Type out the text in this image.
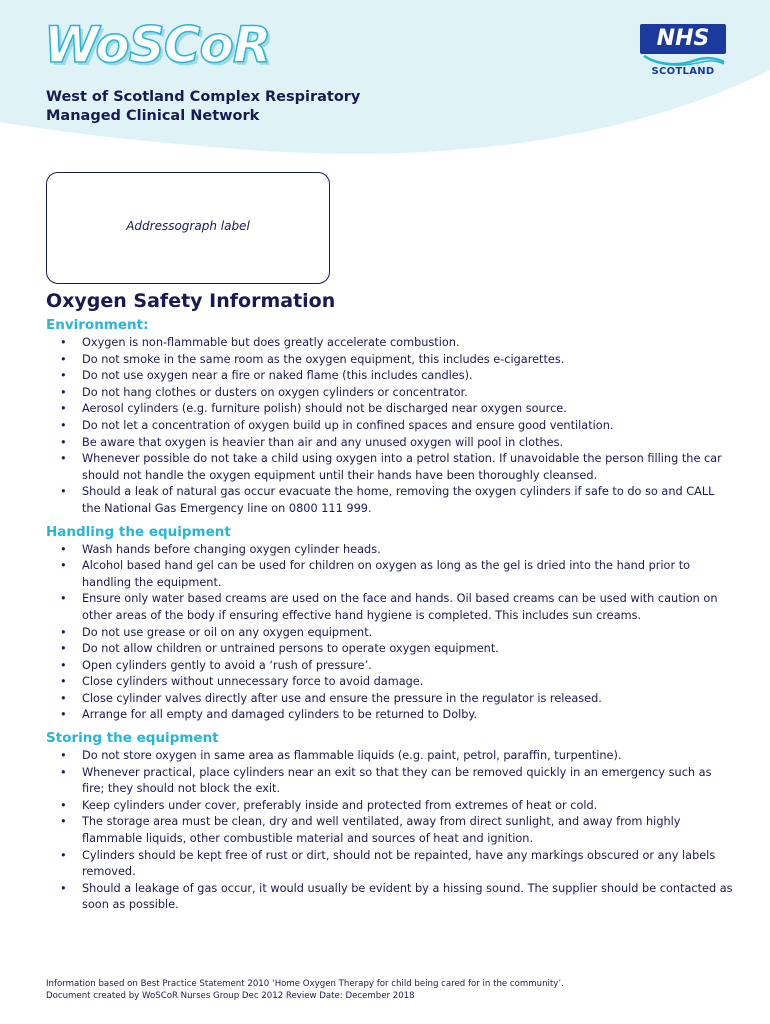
WoSCoR
West of Scotland Complex Respiratory
Managed Clinical Network
NHS
SCOTLAND
Addressograph label
Oxygen Safety Information
Environment:
• Oxygen is non-flammable but does greatly accelerate combustion.
• Do not smoke in the same room as the oxygen equipment, this includes e-cigarettes.
• Do not use oxygen near a fire or naked flame (this includes candles).
• Do not hang clothes or dusters on oxygen cylinders or concentrator.
• Aerosol cylinders (e.g. furniture polish) should not be discharged near oxygen source.
• Do not let a concentration of oxygen build up in confined spaces and ensure good ventilation.
• Be aware that oxygen is heavier than air and any unused oxygen will pool in clothes.
• Whenever possible do not take a child using oxygen into a petrol station. If unavoidable the person filling the car should not handle the oxygen equipment until their hands have been thoroughly cleansed.
• Should a leak of natural gas occur evacuate the home, removing the oxygen cylinders if safe to do so and CALL the National Gas Emergency line on 0800 111 999.
Handling the equipment
• Wash hands before changing oxygen cylinder heads.
• Alcohol based hand gel can be used for children on oxygen as long as the gel is dried into the hand prior to handling the equipment.
• Ensure only water based creams are used on the face and hands. Oil based creams can be used with caution on other areas of the body if ensuring effective hand hygiene is completed. This includes sun creams.
• Do not use grease or oil on any oxygen equipment.
• Do not allow children or untrained persons to operate oxygen equipment.
• Open cylinders gently to avoid a ‘rush of pressure’.
• Close cylinders without unnecessary force to avoid damage.
• Close cylinder valves directly after use and ensure the pressure in the regulator is released.
• Arrange for all empty and damaged cylinders to be returned to Dolby.
Storing the equipment
• Do not store oxygen in same area as flammable liquids (e.g. paint, petrol, paraffin, turpentine).
• Whenever practical, place cylinders near an exit so that they can be removed quickly in an emergency such as fire; they should not block the exit.
• Keep cylinders under cover, preferably inside and protected from extremes of heat or cold.
• The storage area must be clean, dry and well ventilated, away from direct sunlight, and away from highly flammable liquids, other combustible material and sources of heat and ignition.
• Cylinders should be kept free of rust or dirt, should not be repainted, have any markings obscured or any labels removed.
• Should a leakage of gas occur, it would usually be evident by a hissing sound. The supplier should be contacted as soon as possible.
Information based on Best Practice Statement 2010 ‘Home Oxygen Therapy for child being cared for in the community’.
Document created by WoSCoR Nurses Group Dec 2012 Review Date: December 2018
